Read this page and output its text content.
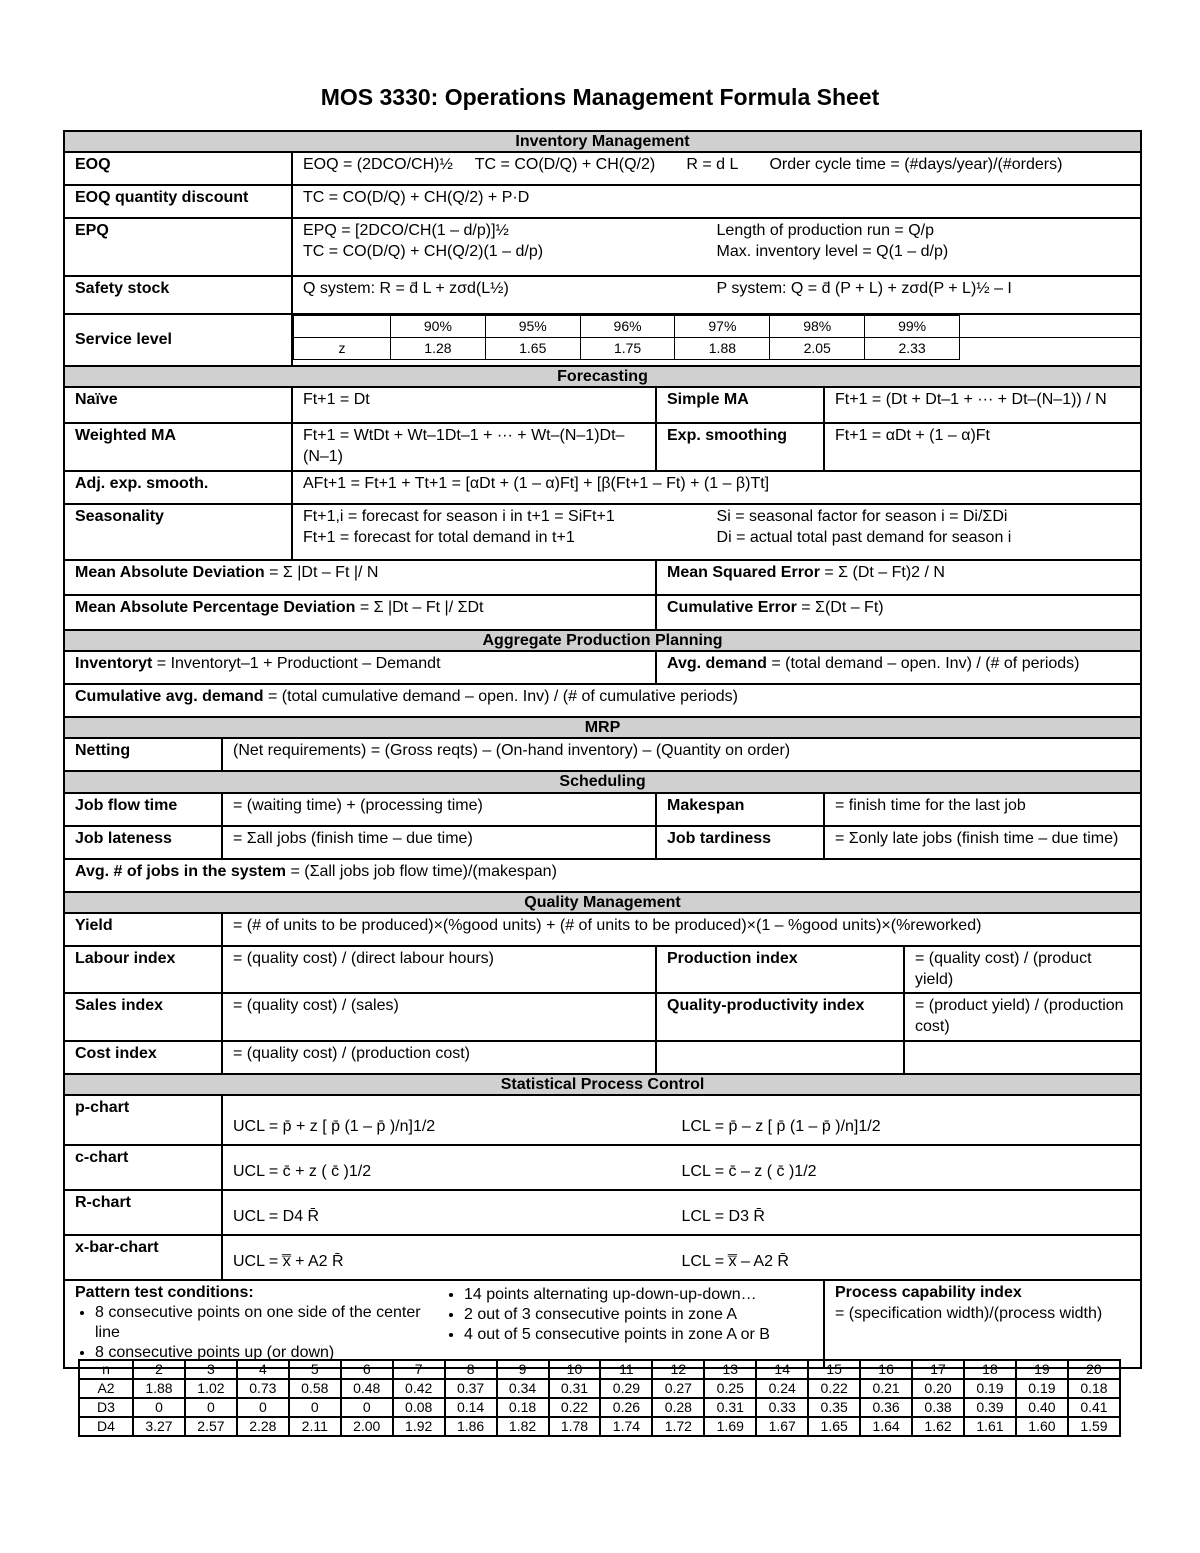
MOS 3330: Operations Management Formula Sheet
Inventory Management
EOQ	EOQ = (2DCO/CH)½ TC = CO(D/Q) + CH(Q/2) R = d L Order cycle time = (#days/year)/(#orders)
EOQ quantity discount	TC = CO(D/Q) + CH(Q/2) + P·D
EPQ	EPQ = [2DCO/CH(1 – d/p)]½
TC = CO(D/Q) + CH(Q/2)(1 – d/p)
Length of production run = Q/p
Max. inventory level = Q(1 – d/p)

Safety stock	Q system: R = d̄ L + zσd(L½)	P system: Q = d̄ (P + L) + zσd(P + L)½ – I

Service level	
	90%	95%	96%	97%	98%	99%	
z	1.28	1.65	1.75	1.88	2.05	2.33	

Forecasting
Naïve	Ft+1 = Dt	Simple MA	Ft+1 = (Dt + Dt–1 + ··· + Dt–(N–1)) / N
Weighted MA	Ft+1 = WtDt + Wt–1Dt–1 + ··· + Wt–(N–1)Dt–(N–1)	Exp. smoothing	Ft+1 = αDt + (1 – α)Ft
Adj. exp. smooth.	AFt+1 = Ft+1 + Tt+1 = [αDt + (1 – α)Ft] + [β(Ft+1 – Ft) + (1 – β)Tt]
Seasonality	Ft+1,i = forecast for season i in t+1 = SiFt+1
Ft+1 = forecast for total demand in t+1
Si = seasonal factor for season i = Di/ΣDi
Di = actual total past demand for season i

Mean Absolute Deviation = Σ |Dt – Ft |/ N	Mean Squared Error = Σ (Dt – Ft)2 / N
Mean Absolute Percentage Deviation = Σ |Dt – Ft |/ ΣDt	Cumulative Error = Σ(Dt – Ft)
Aggregate Production Planning
Inventoryt = Inventoryt–1 + Productiont – Demandt	Avg. demand = (total demand – open. Inv) / (# of periods)
Cumulative avg. demand = (total cumulative demand – open. Inv) / (# of cumulative periods)
MRP
Netting	(Net requirements) = (Gross reqts) – (On-hand inventory) – (Quantity on order)
Scheduling
Job flow time	= (waiting time) + (processing time)	Makespan	= finish time for the last job
Job lateness	= Σall jobs (finish time – due time)	Job tardiness	= Σonly late jobs (finish time – due time)
Avg. # of jobs in the system = (Σall jobs job flow time)/(makespan)
Quality Management
Yield	= (# of units to be produced)×(%good units) + (# of units to be produced)×(1 – %good units)×(%reworked)
Labour index	= (quality cost) / (direct labour hours)	Production index	= (quality cost) / (product yield)
Sales index	= (quality cost) / (sales)	Quality-productivity index	= (product yield) / (production cost)
Cost index	= (quality cost) / (production cost)		
Statistical Process Control
p-chart	
UCL = p̄ + z [ p̄ (1 – p̄ )/n]1/2	LCL = p̄ – z [ p̄ (1 – p̄ )/n]1/2

c-chart	
UCL = c̄ + z ( c̄ )1/2	LCL = c̄ – z ( c̄ )1/2

R-chart	
UCL = D4 R̄	LCL = D3 R̄

x-bar-chart	
UCL = x̿ + A2 R̄	LCL = x̿ – A2 R̄

Pattern test conditions:
• 8 consecutive points on one side of the center line
• 8 consecutive points up (or down)
• 14 points alternating up-down-up-down…
• 2 out of 3 consecutive points in zone A
• 4 out of 5 consecutive points in zone A or B
	Process capability index
= (specification width)/(process width)
n	2	3	4	5	6	7	8	9	10	11	12	13	14	15	16	17	18	19	20
A2	1.88	1.02	0.73	0.58	0.48	0.42	0.37	0.34	0.31	0.29	0.27	0.25	0.24	0.22	0.21	0.20	0.19	0.19	0.18
D3	0	0	0	0	0	0.08	0.14	0.18	0.22	0.26	0.28	0.31	0.33	0.35	0.36	0.38	0.39	0.40	0.41
D4	3.27	2.57	2.28	2.11	2.00	1.92	1.86	1.82	1.78	1.74	1.72	1.69	1.67	1.65	1.64	1.62	1.61	1.60	1.59
